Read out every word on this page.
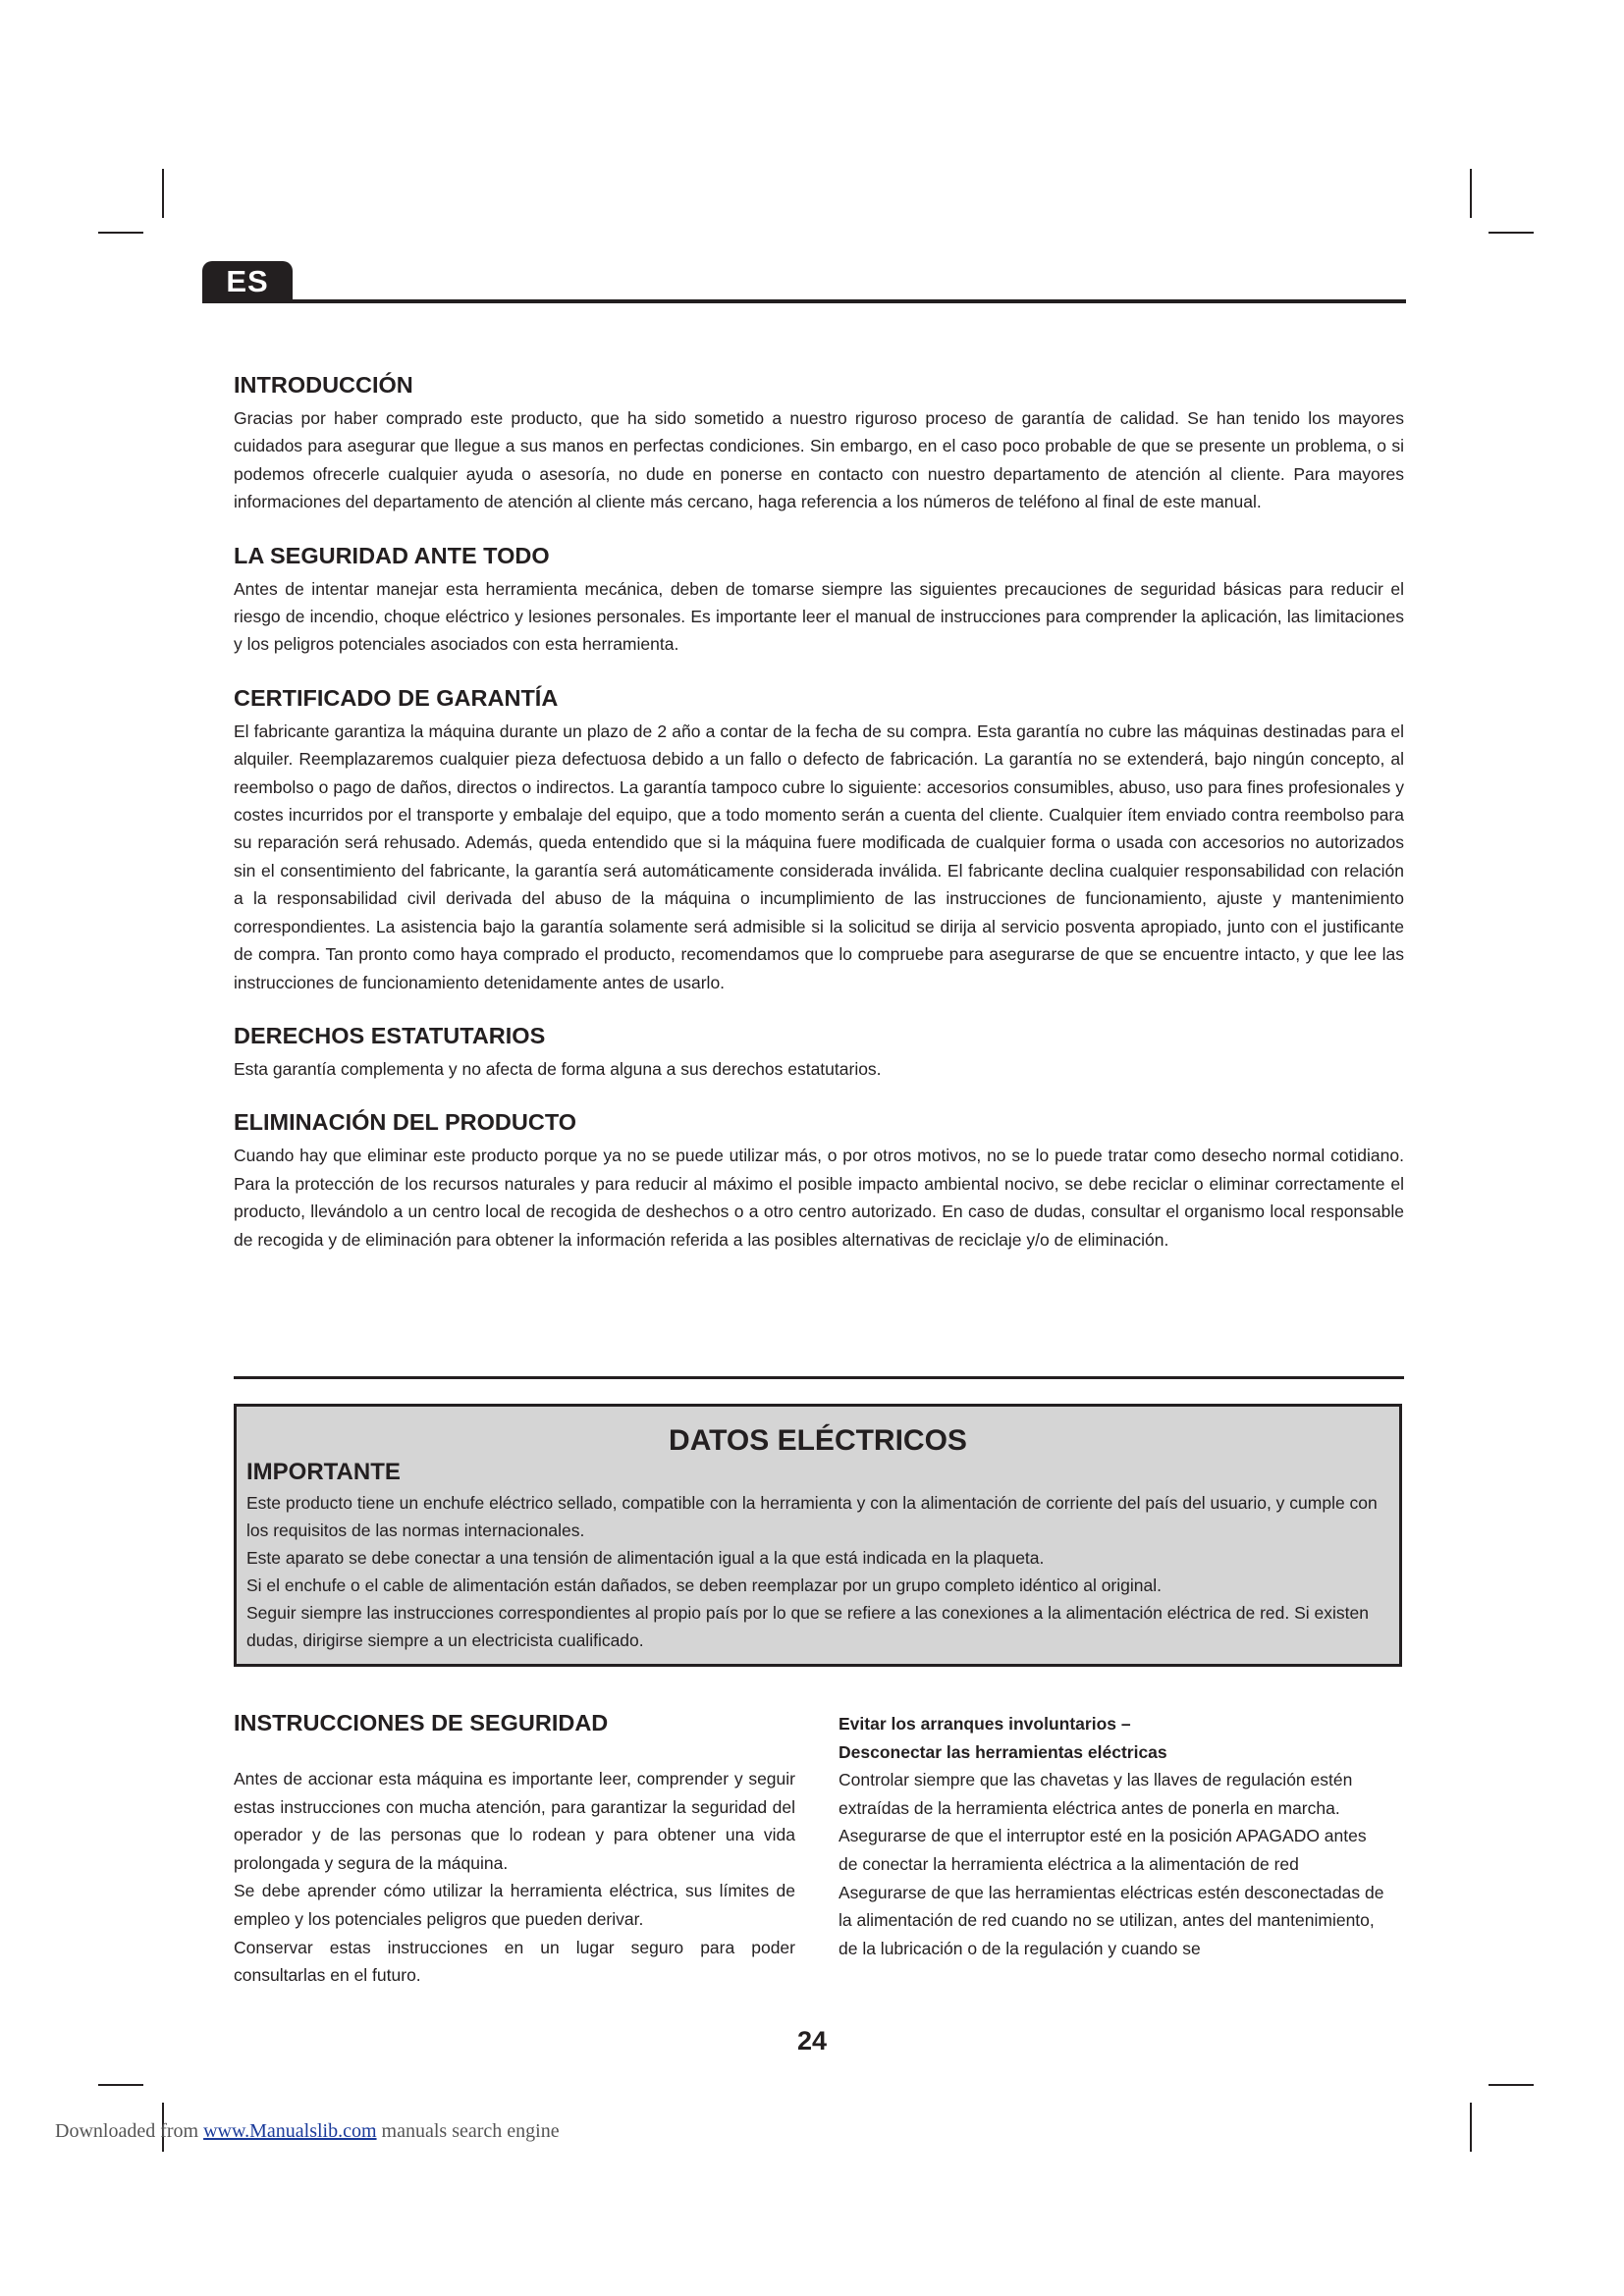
ES
INTRODUCCIÓN

Gracias por haber comprado este producto, que ha sido sometido a nuestro riguroso proceso de garantía de calidad. Se han tenido los mayores cuidados para asegurar que llegue a sus manos en perfectas condiciones. Sin embargo, en el caso poco probable de que se presente un problema, o si podemos ofrecerle cualquier ayuda o asesoría, no dude en ponerse en contacto con nuestro departamento de atención al cliente. Para mayores informaciones del departamento de atención al cliente más cercano, haga referencia a los números de teléfono al final de este manual.

LA SEGURIDAD ANTE TODO

Antes de intentar manejar esta herramienta mecánica, deben de tomarse siempre las siguientes precauciones de seguridad básicas para reducir el riesgo de incendio, choque eléctrico y lesiones personales. Es importante leer el manual de instrucciones para comprender la aplicación, las limitaciones y los peligros potenciales asociados con esta herramienta.

CERTIFICADO DE GARANTÍA

El fabricante garantiza la máquina durante un plazo de 2 año a contar de la fecha de su compra. Esta garantía no cubre las máquinas destinadas para el alquiler. Reemplazaremos cualquier pieza defectuosa debido a un fallo o defecto de fabricación. La garantía no se extenderá, bajo ningún concepto, al reembolso o pago de daños, directos o indirectos. La garantía tampoco cubre lo siguiente: accesorios consumibles, abuso, uso para fines profesionales y costes incurridos por el transporte y embalaje del equipo, que a todo momento serán a cuenta del cliente. Cualquier ítem enviado contra reembolso para su reparación será rehusado. Además, queda entendido que si la máquina fuere modificada de cualquier forma o usada con accesorios no autorizados sin el consentimiento del fabricante, la garantía será automáticamente considerada inválida. El fabricante declina cualquier responsabilidad con relación a la responsabilidad civil derivada del abuso de la máquina o incumplimiento de las instrucciones de funcionamiento, ajuste y mantenimiento correspondientes. La asistencia bajo la garantía solamente será admisible si la solicitud se dirija al servicio posventa apropiado, junto con el justificante de compra. Tan pronto como haya comprado el producto, recomendamos que lo compruebe para asegurarse de que se encuentre intacto, y que lee las instrucciones de funcionamiento detenidamente antes de usarlo.

DERECHOS ESTATUTARIOS

Esta garantía complementa y no afecta de forma alguna a sus derechos estatutarios.

ELIMINACIÓN DEL PRODUCTO

Cuando hay que eliminar este producto porque ya no se puede utilizar más, o por otros motivos, no se lo puede tratar como desecho normal cotidiano. Para la protección de los recursos naturales y para reducir al máximo el posible impacto ambiental nocivo, se debe reciclar o eliminar correctamente el producto, llevándolo a un centro local de recogida de deshechos o a otro centro autorizado. En caso de dudas, consultar el organismo local responsable de recogida y de eliminación para obtener la información referida a las posibles alternativas de reciclaje y/o de eliminación.

DATOS ELÉCTRICOS
IMPORTANTE
Este producto tiene un enchufe eléctrico sellado, compatible con la herramienta y con la alimentación de corriente del país del usuario, y cumple con los requisitos de las normas internacionales.
Este aparato se debe conectar a una tensión de alimentación igual a la que está indicada en la plaqueta.
Si el enchufe o el cable de alimentación están dañados, se deben reemplazar por un grupo completo idéntico al original.
Seguir siempre las instrucciones correspondientes al propio país por lo que se refiere a las conexiones a la alimentación eléctrica de red. Si existen dudas, dirigirse siempre a un electricista cualificado.
INSTRUCCIONES DE SEGURIDAD

Antes de accionar esta máquina es importante leer, comprender y seguir estas instrucciones con mucha atención, para garantizar la seguridad del operador y de las personas que lo rodean y para obtener una vida prolongada y segura de la máquina.

Se debe aprender cómo utilizar la herramienta eléctrica, sus límites de empleo y los potenciales peligros que pueden derivar.

Conservar estas instrucciones en un lugar seguro para poder consultarlas en el futuro.

Evitar los arranques involuntarios –
Desconectar las herramientas eléctricas

Controlar siempre que las chavetas y las llaves de regulación estén extraídas de la herramienta eléctrica antes de ponerla en marcha.

Asegurarse de que el interruptor esté en la posición APAGADO antes de conectar la herramienta eléctrica a la alimentación de red

Asegurarse de que las herramientas eléctricas estén desconectadas de la alimentación de red cuando no se utilizan, antes del mantenimiento, de la lubricación o de la regulación y cuando se

24
Downloaded from www.Manualslib.com manuals search engine
